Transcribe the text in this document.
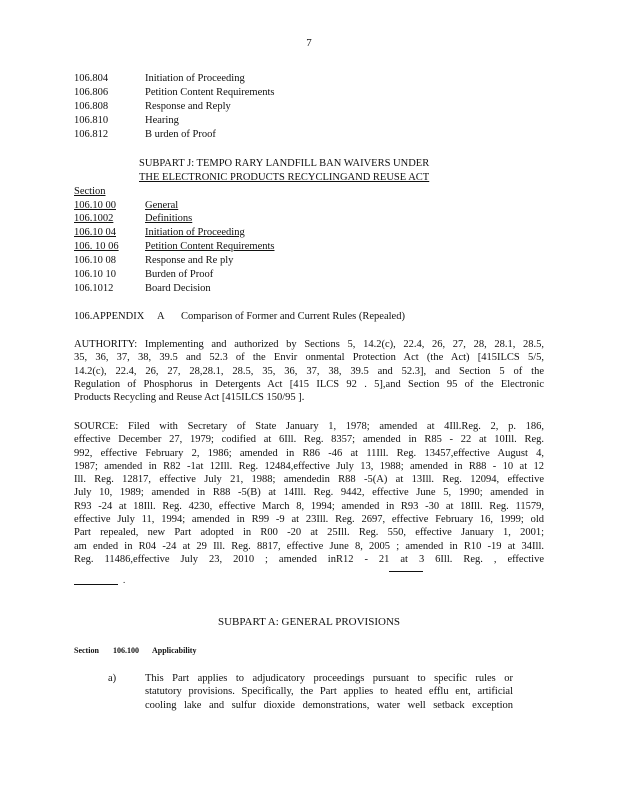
7
106.804	Initiation of Proceeding
106.806	Petition Content Requirements
106.808	Response and Reply
106.810	Hearing
106.812	B urden of Proof
SUBPART J: TEMPO RARY LANDFILL BAN WAIVERS UNDER
THE ELECTRONIC PRODUCTS RECYCLINGAND REUSE ACT
Section
106.10 00	General
106.1002	Definitions
106.10 04	Initiation of Proceeding
106. 10 06	Petition Content Requirements
106.10 08	Response and Re ply
106.10 10	Burden of Proof
106.1012	Board Decision
106.APPENDIX A Comparison of Former and Current Rules (Repealed)
AUTHORITY: Implementing and authorized by Sections 5, 14.2(c), 22.4, 26, 27, 28, 28.1, 28.5,
35, 36, 37, 38, 39.5 and 52.3 of the Envir onmental Protection Act (the Act) [415ILCS 5/5,
14.2(c), 22.4, 26, 27, 28,28.1, 28.5, 35, 36, 37, 38, 39.5 and 52.3], and Section 5 of the
Regulation of Phosphorus in Detergents Act [415 ILCS 92 . 5],and Section 95 of the Electronic
Products Recycling and Reuse Act [415ILCS 150/95 ].
SOURCE: Filed with Secretary of State January 1, 1978; amended at 4Ill.Reg. 2, p. 186,
effective December 27, 1979; codified at 6Ill. Reg. 8357; amended in R85 - 22 at 10Ill. Reg.
992, effective February 2, 1986; amended in R86 -46 at 11Ill. Reg. 13457,effective August 4,
1987; amended in R82 -1at 12Ill. Reg. 12484,effective July 13, 1988; amended in R88 - 10 at 12
Ill. Reg. 12817, effective July 21, 1988; amendedin R88 -5(A) at 13Ill. Reg. 12094, effective
July 10, 1989; amended in R88 -5(B) at 14Ill. Reg. 9442, effective June 5, 1990; amended in
R93 -24 at 18Ill. Reg. 4230, effective March 8, 1994; amended in R93 -30 at 18Ill. Reg. 11579,
effective July 11, 1994; amended in R99 -9 at 23Ill. Reg. 2697, effective February 16, 1999; old
Part repealed, new Part adopted in R00 -20 at 25Ill. Reg. 550, effective January 1, 2001;
am ended in R04 -24 at 29 Ill. Reg. 8817, effective June 8, 2005 ; amended in R10 -19 at 34Ill.
Reg. 11486,effective July 23, 2010 ; amended inR12 - 21 at 3 6Ill. Reg. , effective
.
SUBPART A: GENERAL PROVISIONS
Section 106.100 Applicability
a)	This Part applies to adjudicatory proceedings pursuant to specific rules or
statutory provisions. Specifically, the Part applies to heated efflu ent, artificial
cooling lake and sulfur dioxide demonstrations, water well setback exception
